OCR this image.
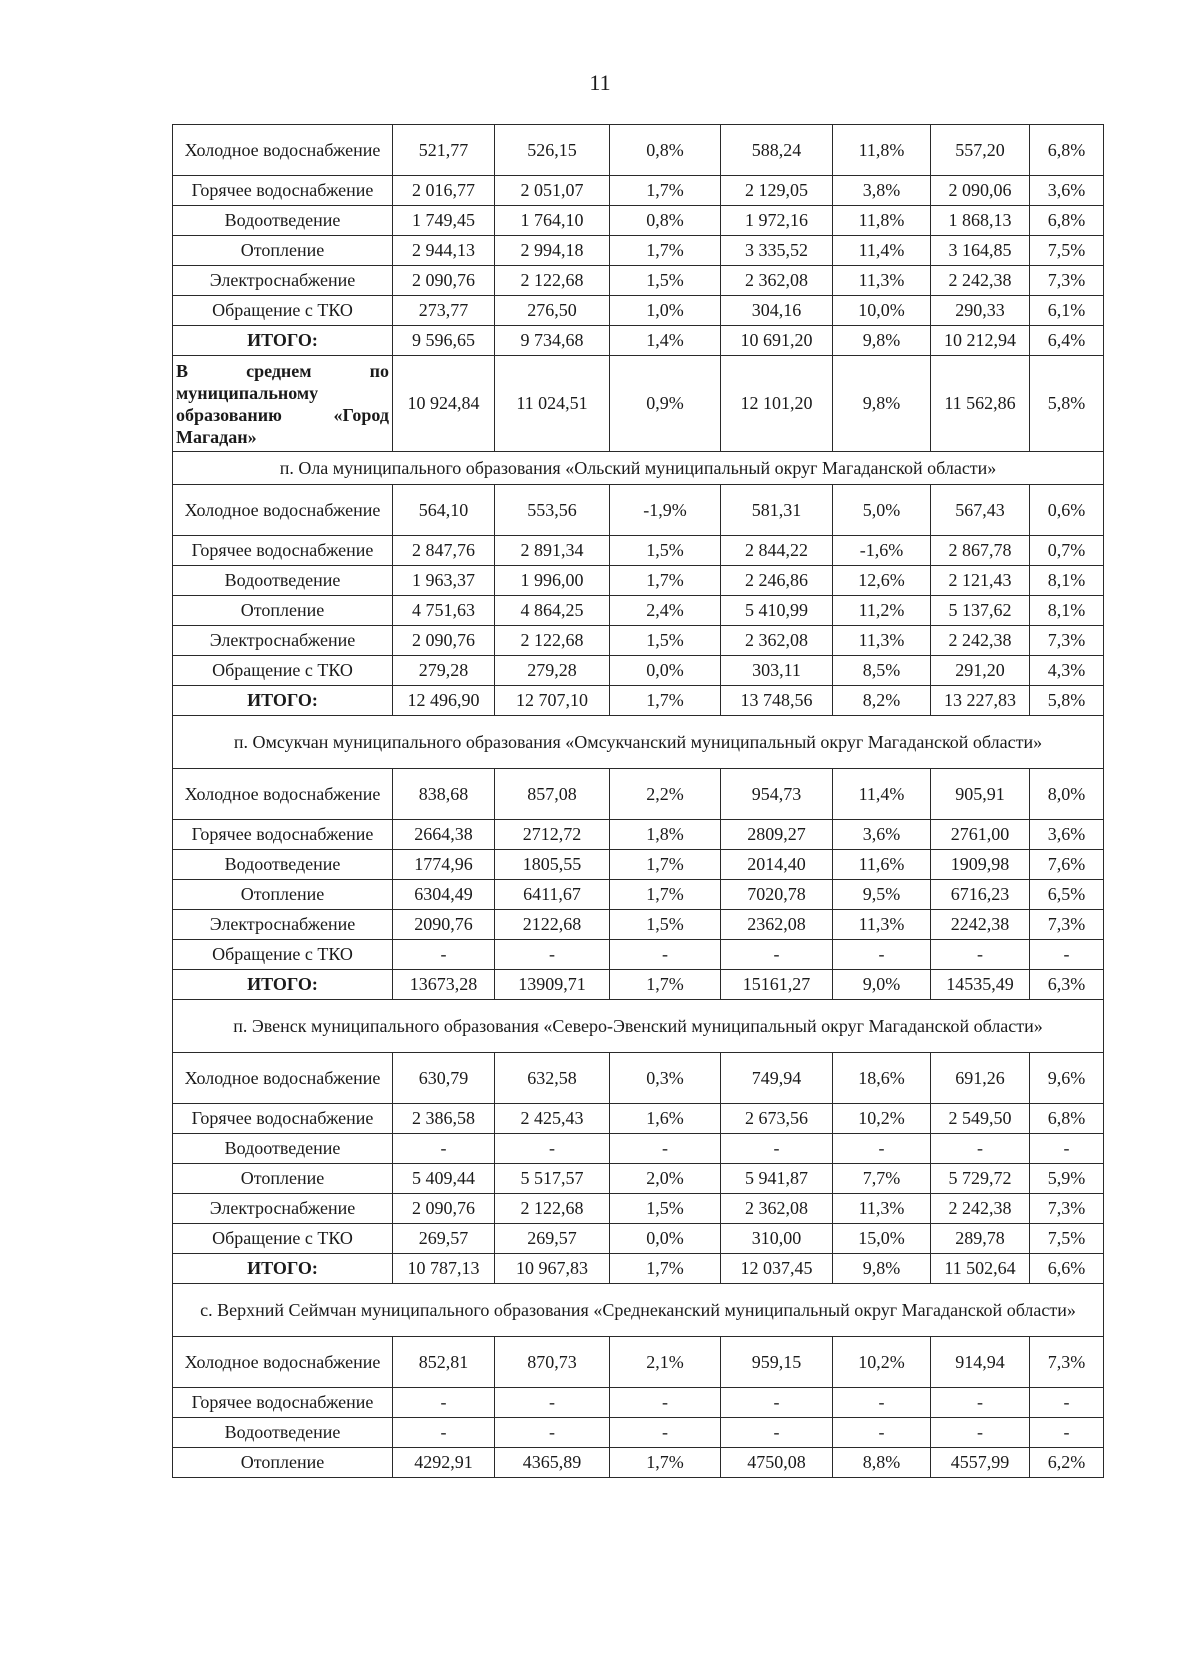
11
Холодное водоснабжение	521,77	526,15	0,8%	588,24	11,8%	557,20	6,8%
Горячее водоснабжение	2 016,77	2 051,07	1,7%	2 129,05	3,8%	2 090,06	3,6%
Водоотведение	1 749,45	1 764,10	0,8%	1 972,16	11,8%	1 868,13	6,8%
Отопление	2 944,13	2 994,18	1,7%	3 335,52	11,4%	3 164,85	7,5%
Электроснабжение	2 090,76	2 122,68	1,5%	2 362,08	11,3%	2 242,38	7,3%
Обращение с ТКО	273,77	276,50	1,0%	304,16	10,0%	290,33	6,1%
ИТОГО:	9 596,65	9 734,68	1,4%	10 691,20	9,8%	10 212,94	6,4%
В среднем по муниципальному образованию «Город Магадан»	10 924,84	11 024,51	0,9%	12 101,20	9,8%	11 562,86	5,8%
п. Ола муниципального образования «Ольский муниципальный округ Магаданской области»							
Холодное водоснабжение	564,10	553,56	-1,9%	581,31	5,0%	567,43	0,6%
Горячее водоснабжение	2 847,76	2 891,34	1,5%	2 844,22	-1,6%	2 867,78	0,7%
Водоотведение	1 963,37	1 996,00	1,7%	2 246,86	12,6%	2 121,43	8,1%
Отопление	4 751,63	4 864,25	2,4%	5 410,99	11,2%	5 137,62	8,1%
Электроснабжение	2 090,76	2 122,68	1,5%	2 362,08	11,3%	2 242,38	7,3%
Обращение с ТКО	279,28	279,28	0,0%	303,11	8,5%	291,20	4,3%
ИТОГО:	12 496,90	12 707,10	1,7%	13 748,56	8,2%	13 227,83	5,8%
п. Омсукчан муниципального образования «Омсукчанский муниципальный округ Магаданской области»							
Холодное водоснабжение	838,68	857,08	2,2%	954,73	11,4%	905,91	8,0%
Горячее водоснабжение	2664,38	2712,72	1,8%	2809,27	3,6%	2761,00	3,6%
Водоотведение	1774,96	1805,55	1,7%	2014,40	11,6%	1909,98	7,6%
Отопление	6304,49	6411,67	1,7%	7020,78	9,5%	6716,23	6,5%
Электроснабжение	2090,76	2122,68	1,5%	2362,08	11,3%	2242,38	7,3%
Обращение с ТКО	-	-	-	-	-	-	-
ИТОГО:	13673,28	13909,71	1,7%	15161,27	9,0%	14535,49	6,3%
п. Эвенск муниципального образования «Северо-Эвенский муниципальный округ Магаданской области»							
Холодное водоснабжение	630,79	632,58	0,3%	749,94	18,6%	691,26	9,6%
Горячее водоснабжение	2 386,58	2 425,43	1,6%	2 673,56	10,2%	2 549,50	6,8%
Водоотведение	-	-	-	-	-	-	-
Отопление	5 409,44	5 517,57	2,0%	5 941,87	7,7%	5 729,72	5,9%
Электроснабжение	2 090,76	2 122,68	1,5%	2 362,08	11,3%	2 242,38	7,3%
Обращение с ТКО	269,57	269,57	0,0%	310,00	15,0%	289,78	7,5%
ИТОГО:	10 787,13	10 967,83	1,7%	12 037,45	9,8%	11 502,64	6,6%
с. Верхний Сеймчан муниципального образования «Среднеканский муниципальный округ Магаданской области»							
Холодное водоснабжение	852,81	870,73	2,1%	959,15	10,2%	914,94	7,3%
Горячее водоснабжение	-	-	-	-	-	-	-
Водоотведение	-	-	-	-	-	-	-
Отопление	4292,91	4365,89	1,7%	4750,08	8,8%	4557,99	6,2%
